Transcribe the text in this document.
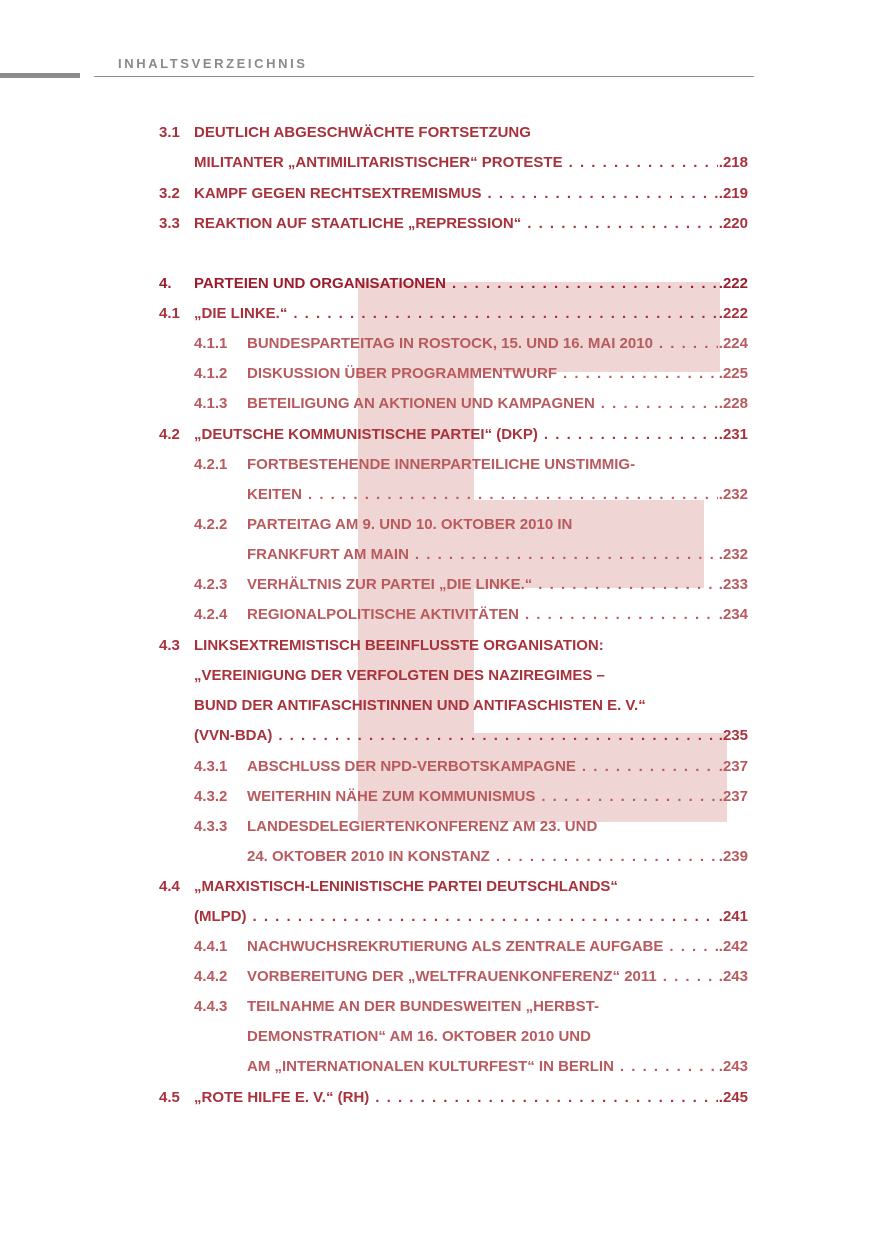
INHALTSVERZEICHNIS
3.1 DEUTLICH ABGESCHWÄCHTE FORTSETZUNG
MILITANTER „ANTIMILITARISTISCHER“ PROTESTE . . .	.218
3.2 KAMPF GEGEN RECHTSEXTREMISMUS . . .	.219
3.3 REAKTION AUF STAATLICHE „REPRESSION“ . . .	.220
4. PARTEIEN UND ORGANISATIONEN . . .	.222
4.1 „DIE LINKE.“ . . .	.222
4.1.1 BUNDESPARTEITAG IN ROSTOCK, 15. UND 16. MAI 2010 . . .	.224
4.1.2 DISKUSSION ÜBER PROGRAMMENTWURF . . .	.225
4.1.3 BETEILIGUNG AN AKTIONEN UND KAMPAGNEN . . .	.228
4.2 „DEUTSCHE KOMMUNISTISCHE PARTEI“ (DKP) . . .	.231
4.2.1 FORTBESTEHENDE INNERPARTEILICHE UNSTIMMIG-
KEITEN . . .	.232
4.2.2 PARTEITAG AM 9. UND 10. OKTOBER 2010 IN
FRANKFURT AM MAIN . . .	.232
4.2.3 VERHÄLTNIS ZUR PARTEI „DIE LINKE.“ . . .	.233
4.2.4 REGIONALPOLITISCHE AKTIVITÄTEN . . .	.234
4.3 LINKSEXTREMISTISCH BEEINFLUSSTE ORGANISATION:
„VEREINIGUNG DER VERFOLGTEN DES NAZIREGIMES –
BUND DER ANTIFASCHISTINNEN UND ANTIFASCHISTEN E. V.“
(VVN-BDA) . . .	.235
4.3.1 ABSCHLUSS DER NPD-VERBOTSKAMPAGNE . . .	.237
4.3.2 WEITERHIN NÄHE ZUM KOMMUNISMUS . . .	.237
4.3.3 LANDESDELEGIERTENKONFERENZ AM 23. UND
24. OKTOBER 2010 IN KONSTANZ . . .	.239
4.4 „MARXISTISCH-LENINISTISCHE PARTEI DEUTSCHLANDS“
(MLPD) . . .	.241
4.4.1 NACHWUCHSREKRUTIERUNG ALS ZENTRALE AUFGABE . . .	.242
4.4.2 VORBEREITUNG DER „WELTFRAUENKONFERENZ“ 2011 . . .	.243
4.4.3 TEILNAHME AN DER BUNDESWEITEN „HERBST-
DEMONSTRATION“ AM 16. OKTOBER 2010 UND
AM „INTERNATIONALEN KULTURFEST“ IN BERLIN . . .	.243
4.5 „ROTE HILFE E. V.“ (RH) . . .	.245
